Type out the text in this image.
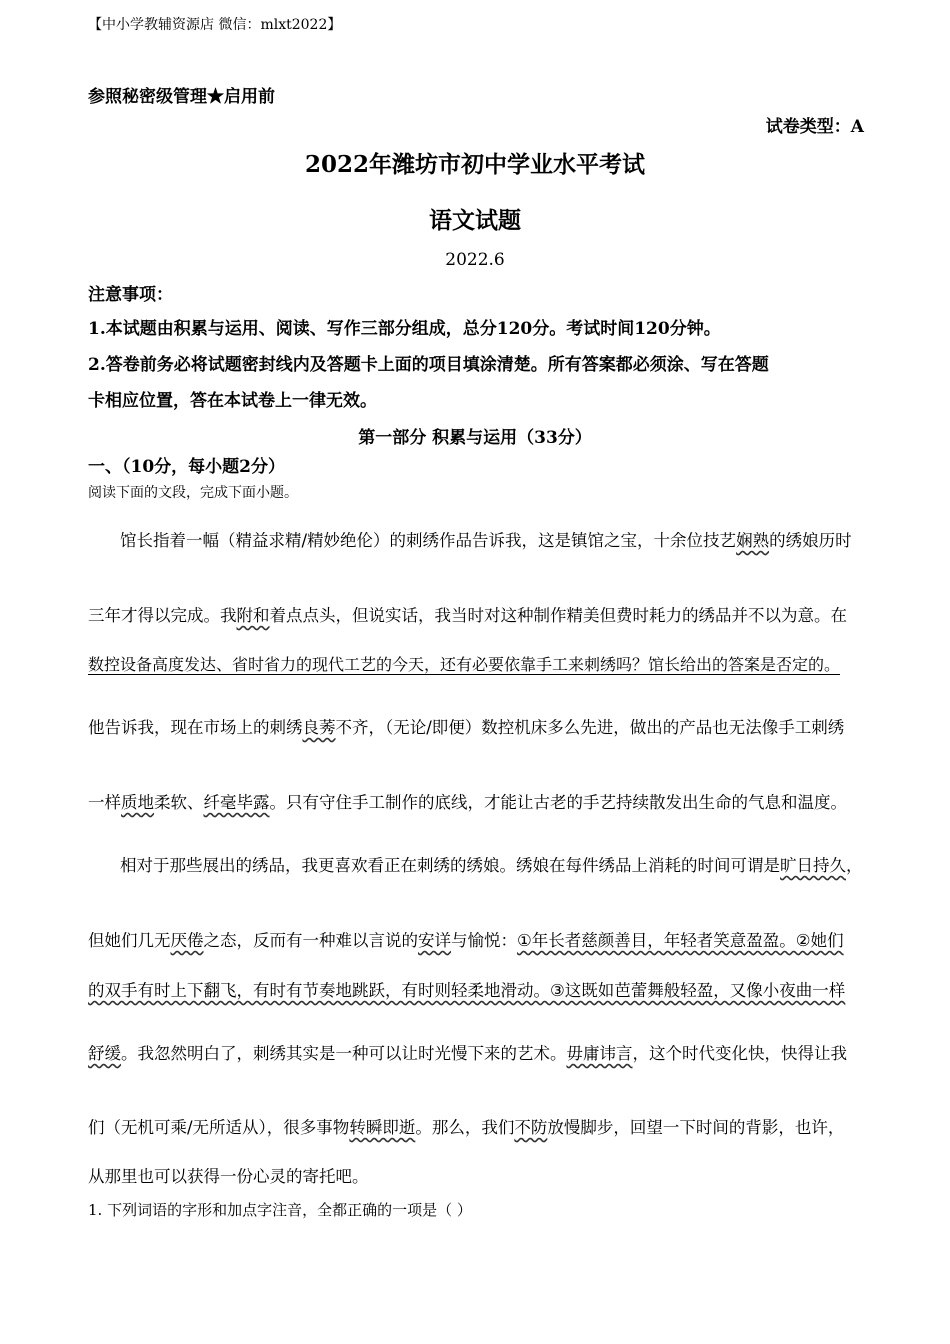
【中小学教辅资源店 微信：mlxt2022】
参照秘密级管理★启用前
试卷类型：A
2022年潍坊市初中学业水平考试
语文试题
2022.6
注意事项：
1.本试题由积累与运用、阅读、写作三部分组成，总分120分。考试时间120分钟。
2.答卷前务必将试题密封线内及答题卡上面的项目填涂清楚。所有答案都必须涂、写在答题
卡相应位置，答在本试卷上一律无效。
第一部分 积累与运用（33分）
一、（10分，每小题2分）
阅读下面的文段，完成下面小题。
馆长指着一幅（精益求精/精妙绝伦）的刺绣作品告诉我，这是镇馆之宝，十余位技艺娴熟的绣娘历时
三年才得以完成。我附和着点点头，但说实话，我当时对这种制作精美但费时耗力的绣品并不以为意。在
数控设备高度发达、省时省力的现代工艺的今天，还有必要依靠手工来刺绣吗？馆长给出的答案是否定的。
他告诉我，现在市场上的刺绣良莠不齐，（无论/即便）数控机床多么先进，做出的产品也无法像手工刺绣
一样质地柔软、纤毫毕露。只有守住手工制作的底线，才能让古老的手艺持续散发出生命的气息和温度。
相对于那些展出的绣品，我更喜欢看正在刺绣的绣娘。绣娘在每件绣品上消耗的时间可谓是旷日持久，
但她们几无厌倦之态，反而有一种难以言说的安详与愉悦：①年长者慈颜善目，年轻者笑意盈盈。②她们
的双手有时上下翻飞，有时有节奏地跳跃，有时则轻柔地滑动。③这既如芭蕾舞般轻盈，又像小夜曲一样
舒缓。我忽然明白了，刺绣其实是一种可以让时光慢下来的艺术。毋庸讳言，这个时代变化快，快得让我
们（无机可乘/无所适从），很多事物转瞬即逝。那么，我们不防放慢脚步，回望一下时间的背影，也许，
从那里也可以获得一份心灵的寄托吧。
1. 下列词语的字形和加点字注音，全都正确的一项是（ ）
